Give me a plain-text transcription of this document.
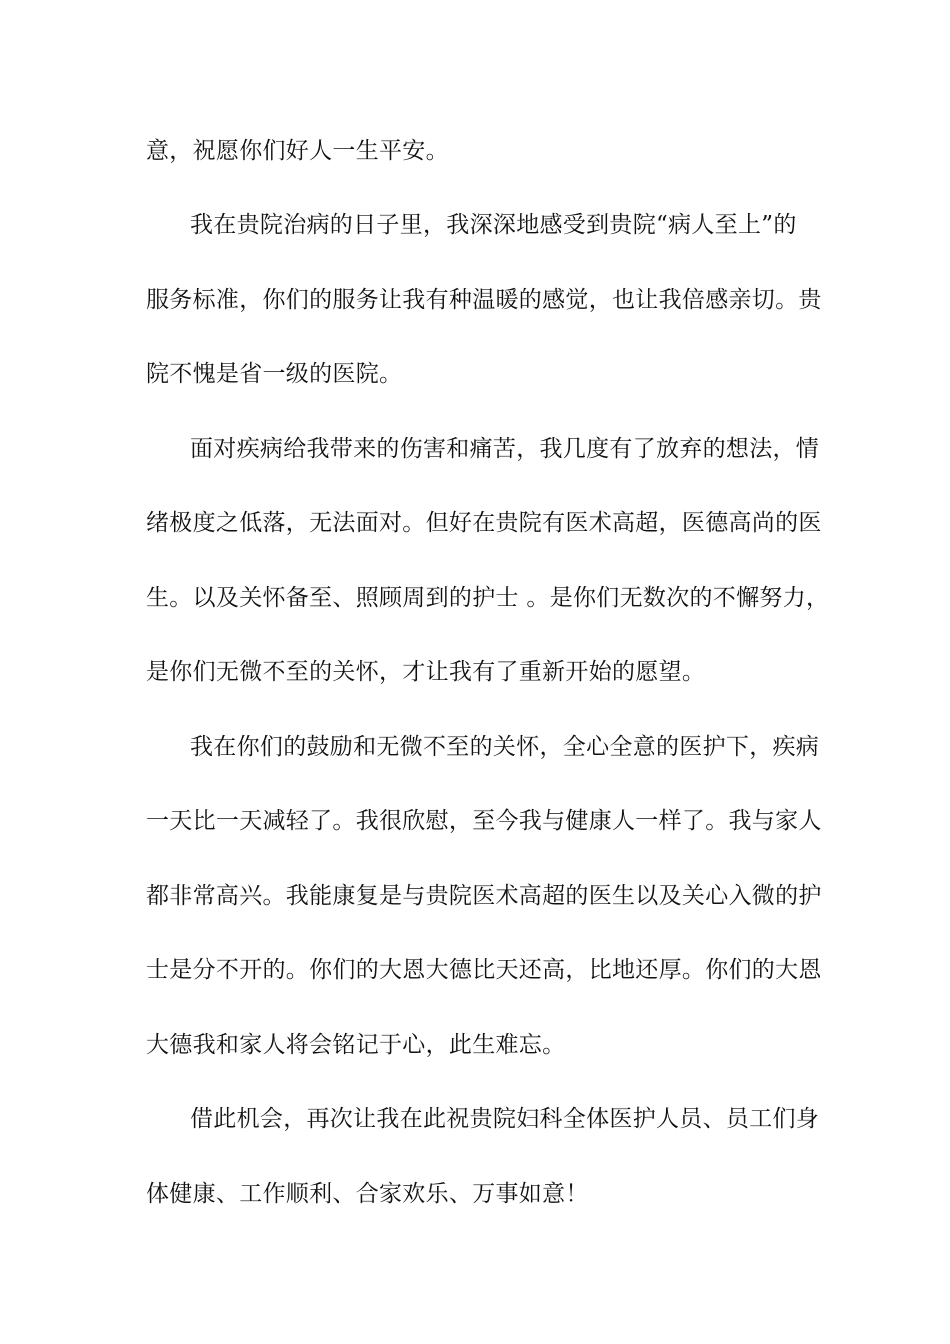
意，祝愿你们好人一生平安。
我在贵院治病的日子里，我深深地感受到贵院“病人至上”的
服务标准，你们的服务让我有种温暖的感觉，也让我倍感亲切。贵
院不愧是省一级的医院。
面对疾病给我带来的伤害和痛苦，我几度有了放弃的想法，情
绪极度之低落，无法面对。但好在贵院有医术高超，医德高尚的医
生。以及关怀备至、照顾周到的护士 。是你们无数次的不懈努力，
是你们无微不至的关怀，才让我有了重新开始的愿望。
我在你们的鼓励和无微不至的关怀，全心全意的医护下，疾病
一天比一天减轻了。我很欣慰，至今我与健康人一样了。我与家人
都非常高兴。我能康复是与贵院医术高超的医生以及关心入微的护
士是分不开的。你们的大恩大德比天还高，比地还厚。你们的大恩
大德我和家人将会铭记于心，此生难忘。
借此机会，再次让我在此祝贵院妇科全体医护人员、员工们身
体健康、工作顺利、合家欢乐、万事如意！
